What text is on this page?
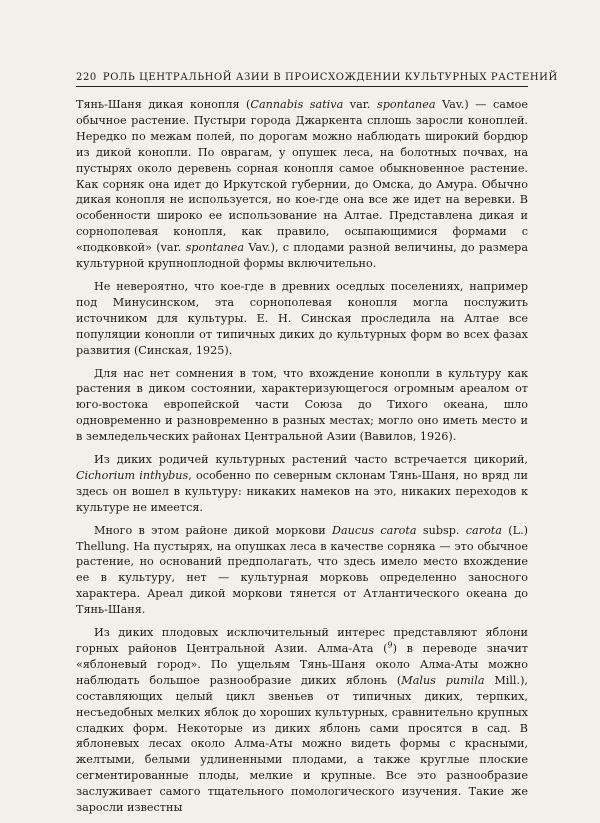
220 РОЛЬ ЦЕНТРАЛЬНОЙ АЗИИ В ПРОИСХОЖДЕНИИ КУЛЬТУРНЫХ РАСТЕНИЙ

Тянь-Шаня дикая конопля (Cannabis sativa var. spontanea Vav.) — самое обычное растение. Пустыри города Джаркента сплошь заросли коноплей. Нередко по межам полей, по дорогам можно наблюдать широкий бордюр из дикой конопли. По оврагам, у опушек леса, на болотных почвах, на пустырях около деревень сорная конопля самое обыкновенное растение. Как сорняк она идет до Иркутской губернии, до Омска, до Амура. Обычно дикая конопля не используется, но кое-где она все же идет на веревки. В особенности широко ее использование на Алтае. Представлена дикая и сорнополевая конопля, как правило, осыпающимися формами с «подковкой» (var. spontanea Vav.), с плодами разной величины, до размера культурной крупноплодной формы включительно.

Не невероятно, что кое-где в древних оседлых поселениях, например под Минусинском, эта сорнополевая конопля могла послужить источником для культуры. Е. Н. Синская проследила на Алтае все популяции конопли от типичных диких до культурных форм во всех фазах развития (Синская, 1925).

Для нас нет сомнения в том, что вхождение конопли в культуру как растения в диком состоянии, характеризующегося огромным ареалом от юго-востока европейской части Союза до Тихого океана, шло одновременно и разновременно в разных местах; могло оно иметь место и в земледельческих районах Центральной Азии (Вавилов, 1926).

Из диких родичей культурных растений часто встречается цикорий, Cichorium inthybus, особенно по северным склонам Тянь-Шаня, но вряд ли здесь он вошел в культуру: никаких намеков на это, никаких переходов к культуре не имеется.

Много в этом районе дикой моркови Daucus carota subsp. carota (L.) Thellung. На пустырях, на опушках леса в качестве сорняка — это обычное растение, но оснований предполагать, что здесь имело место вхождение ее в культуру, нет — культурная морковь определенно заносного характера. Ареал дикой моркови тянется от Атлантического океана до Тянь-Шаня.

Из диких плодовых исключительный интерес представляют яблони горных районов Центральной Азии. Алма-Ата ($^9$) в переводе значит «яблоневый город». По ущельям Тянь-Шаня около Алма-Аты можно наблюдать большое разнообразие диких яблонь (Malus pumila Mill.), составляющих целый цикл звеньев от типичных диких, терпких, несъедобных мелких яблок до хороших культурных, сравнительно крупных сладких форм. Некоторые из диких яблонь сами просятся в сад. В яблоневых лесах около Алма-Аты можно видеть формы с красными, желтыми, белыми удлиненными плодами, а также круглые плоские сегментированные плоды, мелкие и крупные. Все это разнообразие заслуживает самого тщательного помологического изучения. Такие же заросли известны
